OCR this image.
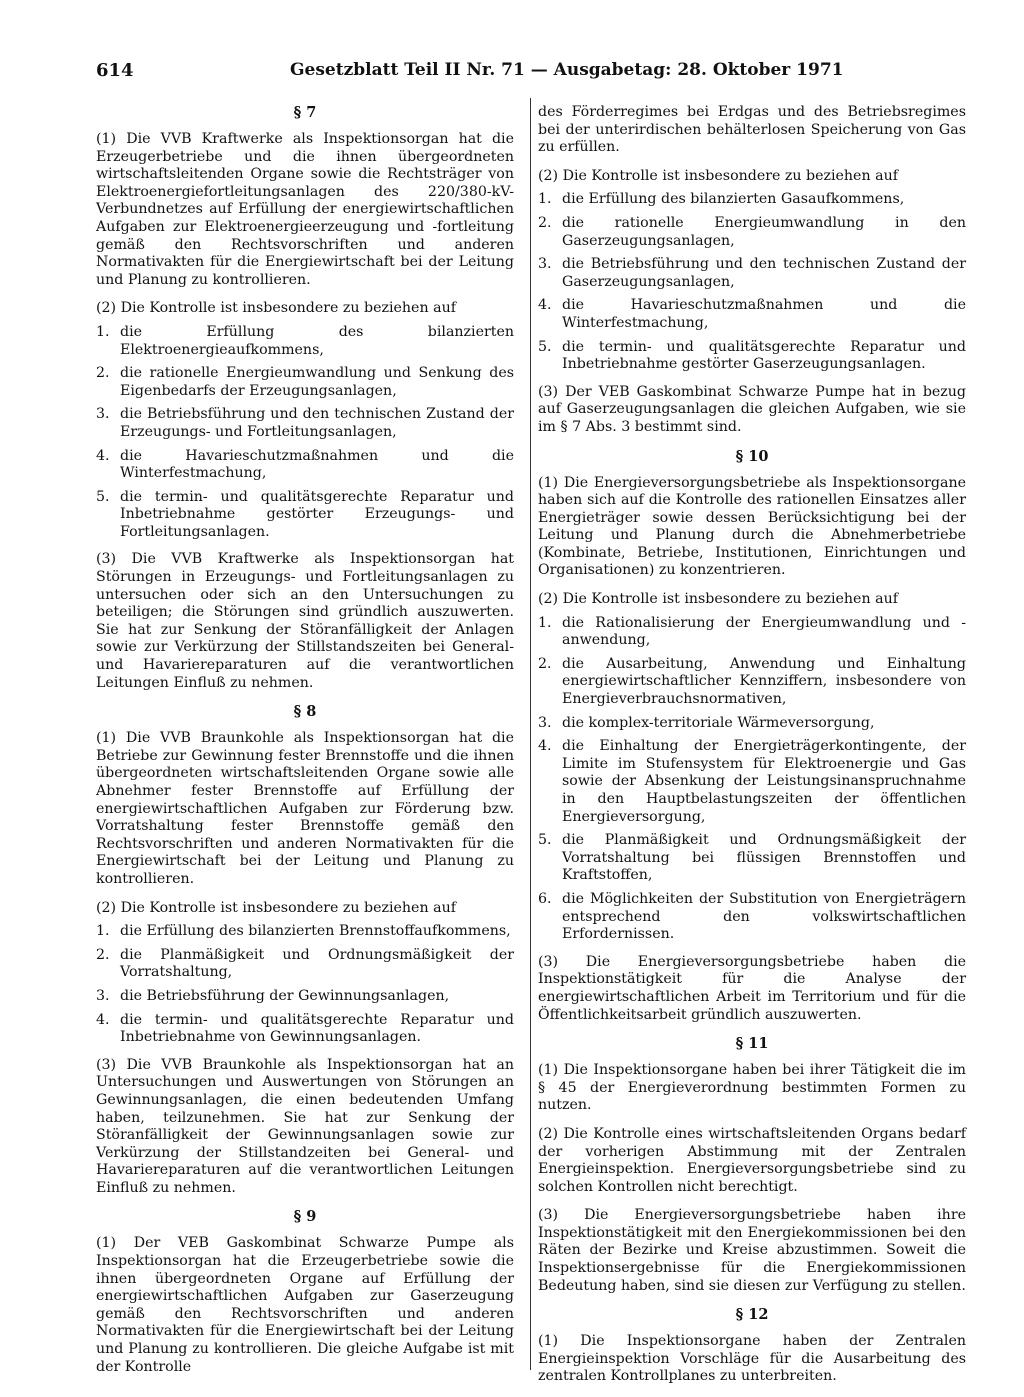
614	Gesetzblatt Teil II Nr. 71 — Ausgabetag: 28. Oktober 1971
§ 7

(1) Die VVB Kraftwerke als Inspektionsorgan hat die Erzeugerbetriebe und die ihnen übergeordneten wirtschaftsleitenden Organe sowie die Rechtsträger von Elektroenergiefortleitungsanlagen des 220/380-kV-Verbundnetzes auf Erfüllung der energiewirtschaftlichen Aufgaben zur Elektroenergieerzeugung und -fortleitung gemäß den Rechtsvorschriften und anderen Normativakten für die Energiewirtschaft bei der Leitung und Planung zu kontrollieren.

(2) Die Kontrolle ist insbesondere zu beziehen auf

1. die Erfüllung des bilanzierten Elektroenergieaufkommens,
2. die rationelle Energieumwandlung und Senkung des Eigenbedarfs der Erzeugungsanlagen,
3. die Betriebsführung und den technischen Zustand der Erzeugungs- und Fortleitungsanlagen,
4. die Havarieschutzmaßnahmen und die Winterfestmachung,
5. die termin- und qualitätsgerechte Reparatur und Inbetriebnahme gestörter Erzeugungs- und Fortleitungsanlagen.

(3) Die VVB Kraftwerke als Inspektionsorgan hat Störungen in Erzeugungs- und Fortleitungsanlagen zu untersuchen oder sich an den Untersuchungen zu beteiligen; die Störungen sind gründlich auszuwerten. Sie hat zur Senkung der Störanfälligkeit der Anlagen sowie zur Verkürzung der Stillstandszeiten bei General- und Havariereparaturen auf die verantwortlichen Leitungen Einfluß zu nehmen.

§ 8

(1) Die VVB Braunkohle als Inspektionsorgan hat die Betriebe zur Gewinnung fester Brennstoffe und die ihnen übergeordneten wirtschaftsleitenden Organe sowie alle Abnehmer fester Brennstoffe auf Erfüllung der energiewirtschaftlichen Aufgaben zur Förderung bzw. Vorratshaltung fester Brennstoffe gemäß den Rechtsvorschriften und anderen Normativakten für die Energiewirtschaft bei der Leitung und Planung zu kontrollieren.

(2) Die Kontrolle ist insbesondere zu beziehen auf

1. die Erfüllung des bilanzierten Brennstoffaufkommens,
2. die Planmäßigkeit und Ordnungsmäßigkeit der Vorratshaltung,
3. die Betriebsführung der Gewinnungsanlagen,
4. die termin- und qualitätsgerechte Reparatur und Inbetriebnahme von Gewinnungsanlagen.

(3) Die VVB Braunkohle als Inspektionsorgan hat an Untersuchungen und Auswertungen von Störungen an Gewinnungsanlagen, die einen bedeutenden Umfang haben, teilzunehmen. Sie hat zur Senkung der Störanfälligkeit der Gewinnungsanlagen sowie zur Verkürzung der Stillstandzeiten bei General- und Havariereparaturen auf die verantwortlichen Leitungen Einfluß zu nehmen.

§ 9

(1) Der VEB Gaskombinat Schwarze Pumpe als Inspektionsorgan hat die Erzeugerbetriebe sowie die ihnen übergeordneten Organe auf Erfüllung der energiewirtschaftlichen Aufgaben zur Gaserzeugung gemäß den Rechtsvorschriften und anderen Normativakten für die Energiewirtschaft bei der Leitung und Planung zu kontrollieren. Die gleiche Aufgabe ist mit der Kontrolle

des Förderregimes bei Erdgas und des Betriebsregimes bei der unterirdischen behälterlosen Speicherung von Gas zu erfüllen.

(2) Die Kontrolle ist insbesondere zu beziehen auf

1. die Erfüllung des bilanzierten Gasaufkommens,
2. die rationelle Energieumwandlung in den Gaserzeugungsanlagen,
3. die Betriebsführung und den technischen Zustand der Gaserzeugungsanlagen,
4. die Havarieschutzmaßnahmen und die Winterfestmachung,
5. die termin- und qualitätsgerechte Reparatur und Inbetriebnahme gestörter Gaserzeugungsanlagen.

(3) Der VEB Gaskombinat Schwarze Pumpe hat in bezug auf Gaserzeugungsanlagen die gleichen Aufgaben, wie sie im § 7 Abs. 3 bestimmt sind.

§ 10

(1) Die Energieversorgungsbetriebe als Inspektionsorgane haben sich auf die Kontrolle des rationellen Einsatzes aller Energieträger sowie dessen Berücksichtigung bei der Leitung und Planung durch die Abnehmerbetriebe (Kombinate, Betriebe, Institutionen, Einrichtungen und Organisationen) zu konzentrieren.

(2) Die Kontrolle ist insbesondere zu beziehen auf

1. die Rationalisierung der Energieumwandlung und -anwendung,
2. die Ausarbeitung, Anwendung und Einhaltung energiewirtschaftlicher Kennziffern, insbesondere von Energieverbrauchsnormativen,
3. die komplex-territoriale Wärmeversorgung,
4. die Einhaltung der Energieträgerkontingente, der Limite im Stufensystem für Elektroenergie und Gas sowie der Absenkung der Leistungsinanspruchnahme in den Hauptbelastungszeiten der öffentlichen Energieversorgung,
5. die Planmäßigkeit und Ordnungsmäßigkeit der Vorratshaltung bei flüssigen Brennstoffen und Kraftstoffen,
6. die Möglichkeiten der Substitution von Energieträgern entsprechend den volkswirtschaftlichen Erfordernissen.

(3) Die Energieversorgungsbetriebe haben die Inspektionstätigkeit für die Analyse der energiewirtschaftlichen Arbeit im Territorium und für die Öffentlichkeitsarbeit gründlich auszuwerten.

§ 11

(1) Die Inspektionsorgane haben bei ihrer Tätigkeit die im § 45 der Energieverordnung bestimmten Formen zu nutzen.

(2) Die Kontrolle eines wirtschaftsleitenden Organs bedarf der vorherigen Abstimmung mit der Zentralen Energieinspektion. Energieversorgungsbetriebe sind zu solchen Kontrollen nicht berechtigt.

(3) Die Energieversorgungsbetriebe haben ihre Inspektionstätigkeit mit den Energiekommissionen bei den Räten der Bezirke und Kreise abzustimmen. Soweit die Inspektionsergebnisse für die Energiekommissionen Bedeutung haben, sind sie diesen zur Verfügung zu stellen.

§ 12

(1) Die Inspektionsorgane haben der Zentralen Energieinspektion Vorschläge für die Ausarbeitung des zentralen Kontrollplanes zu unterbreiten.
